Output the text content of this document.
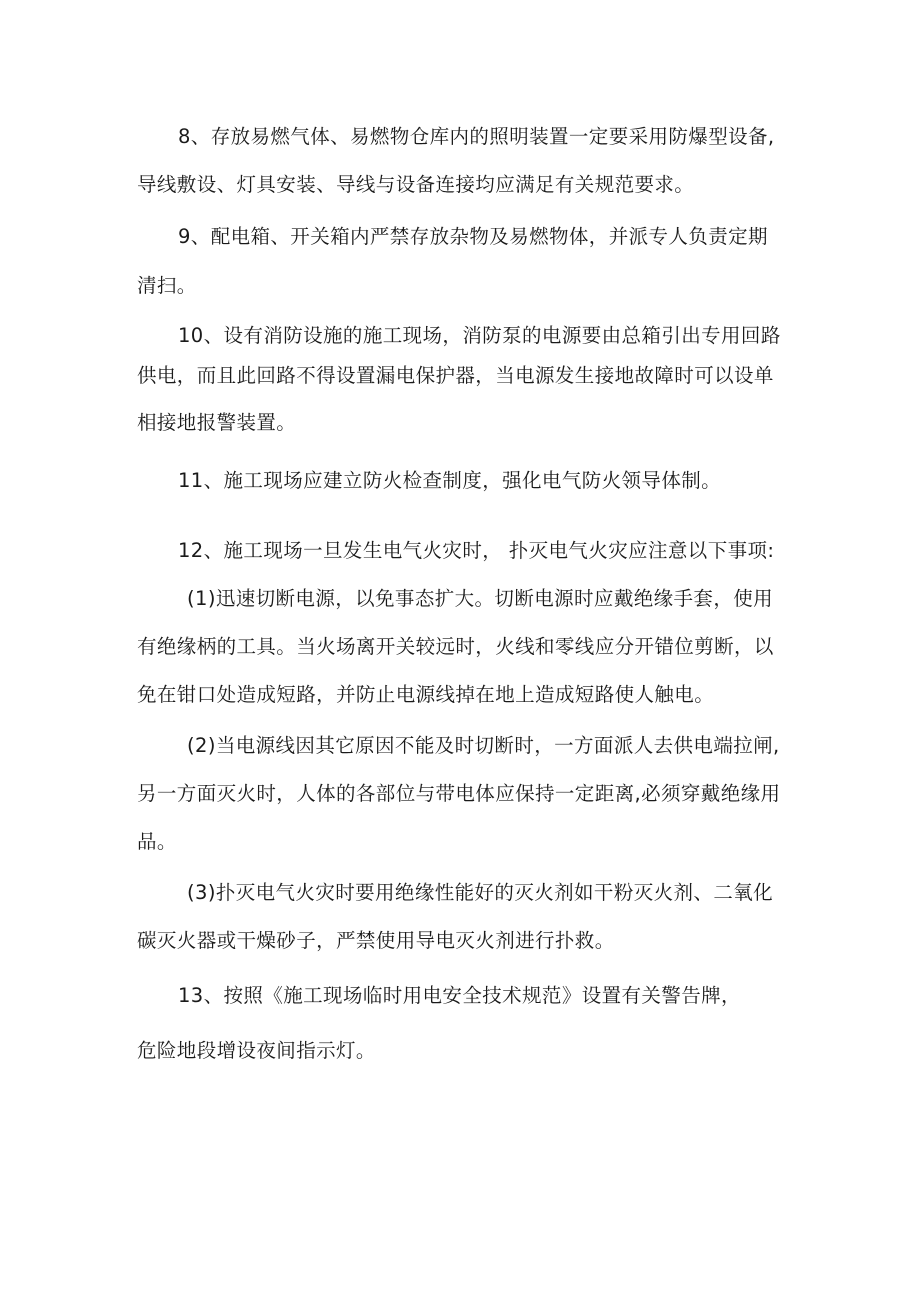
8、存放易燃气体、易燃物仓库内的照明装置一定要采用防爆型设备,
导线敷设、灯具安装、导线与设备连接均应满足有关规范要求。
9、配电箱、开关箱内严禁存放杂物及易燃物体，并派专人负责定期
清扫。
10、设有消防设施的施工现场，消防泵的电源要由总箱引出专用回路
供电，而且此回路不得设置漏电保护器，当电源发生接地故障时可以设单
相接地报警装置。
11、施工现场应建立防火检查制度，强化电气防火领导体制。
12、施工现场一旦发生电气火灾时， 扑灭电气火灾应注意以下事项:
(1)迅速切断电源，以免事态扩大。切断电源时应戴绝缘手套，使用
有绝缘柄的工具。当火场离开关较远时，火线和零线应分开错位剪断，以
免在钳口处造成短路，并防止电源线掉在地上造成短路使人触电。
(2)当电源线因其它原因不能及时切断时，一方面派人去供电端拉闸,
另一方面灭火时，人体的各部位与带电体应保持一定距离,必须穿戴绝缘用
品。
(3)扑灭电气火灾时要用绝缘性能好的灭火剂如干粉灭火剂、二氧化
碳灭火器或干燥砂子，严禁使用导电灭火剂进行扑救。
13、按照《施工现场临时用电安全技术规范》设置有关警告牌，
危险地段增设夜间指示灯。
